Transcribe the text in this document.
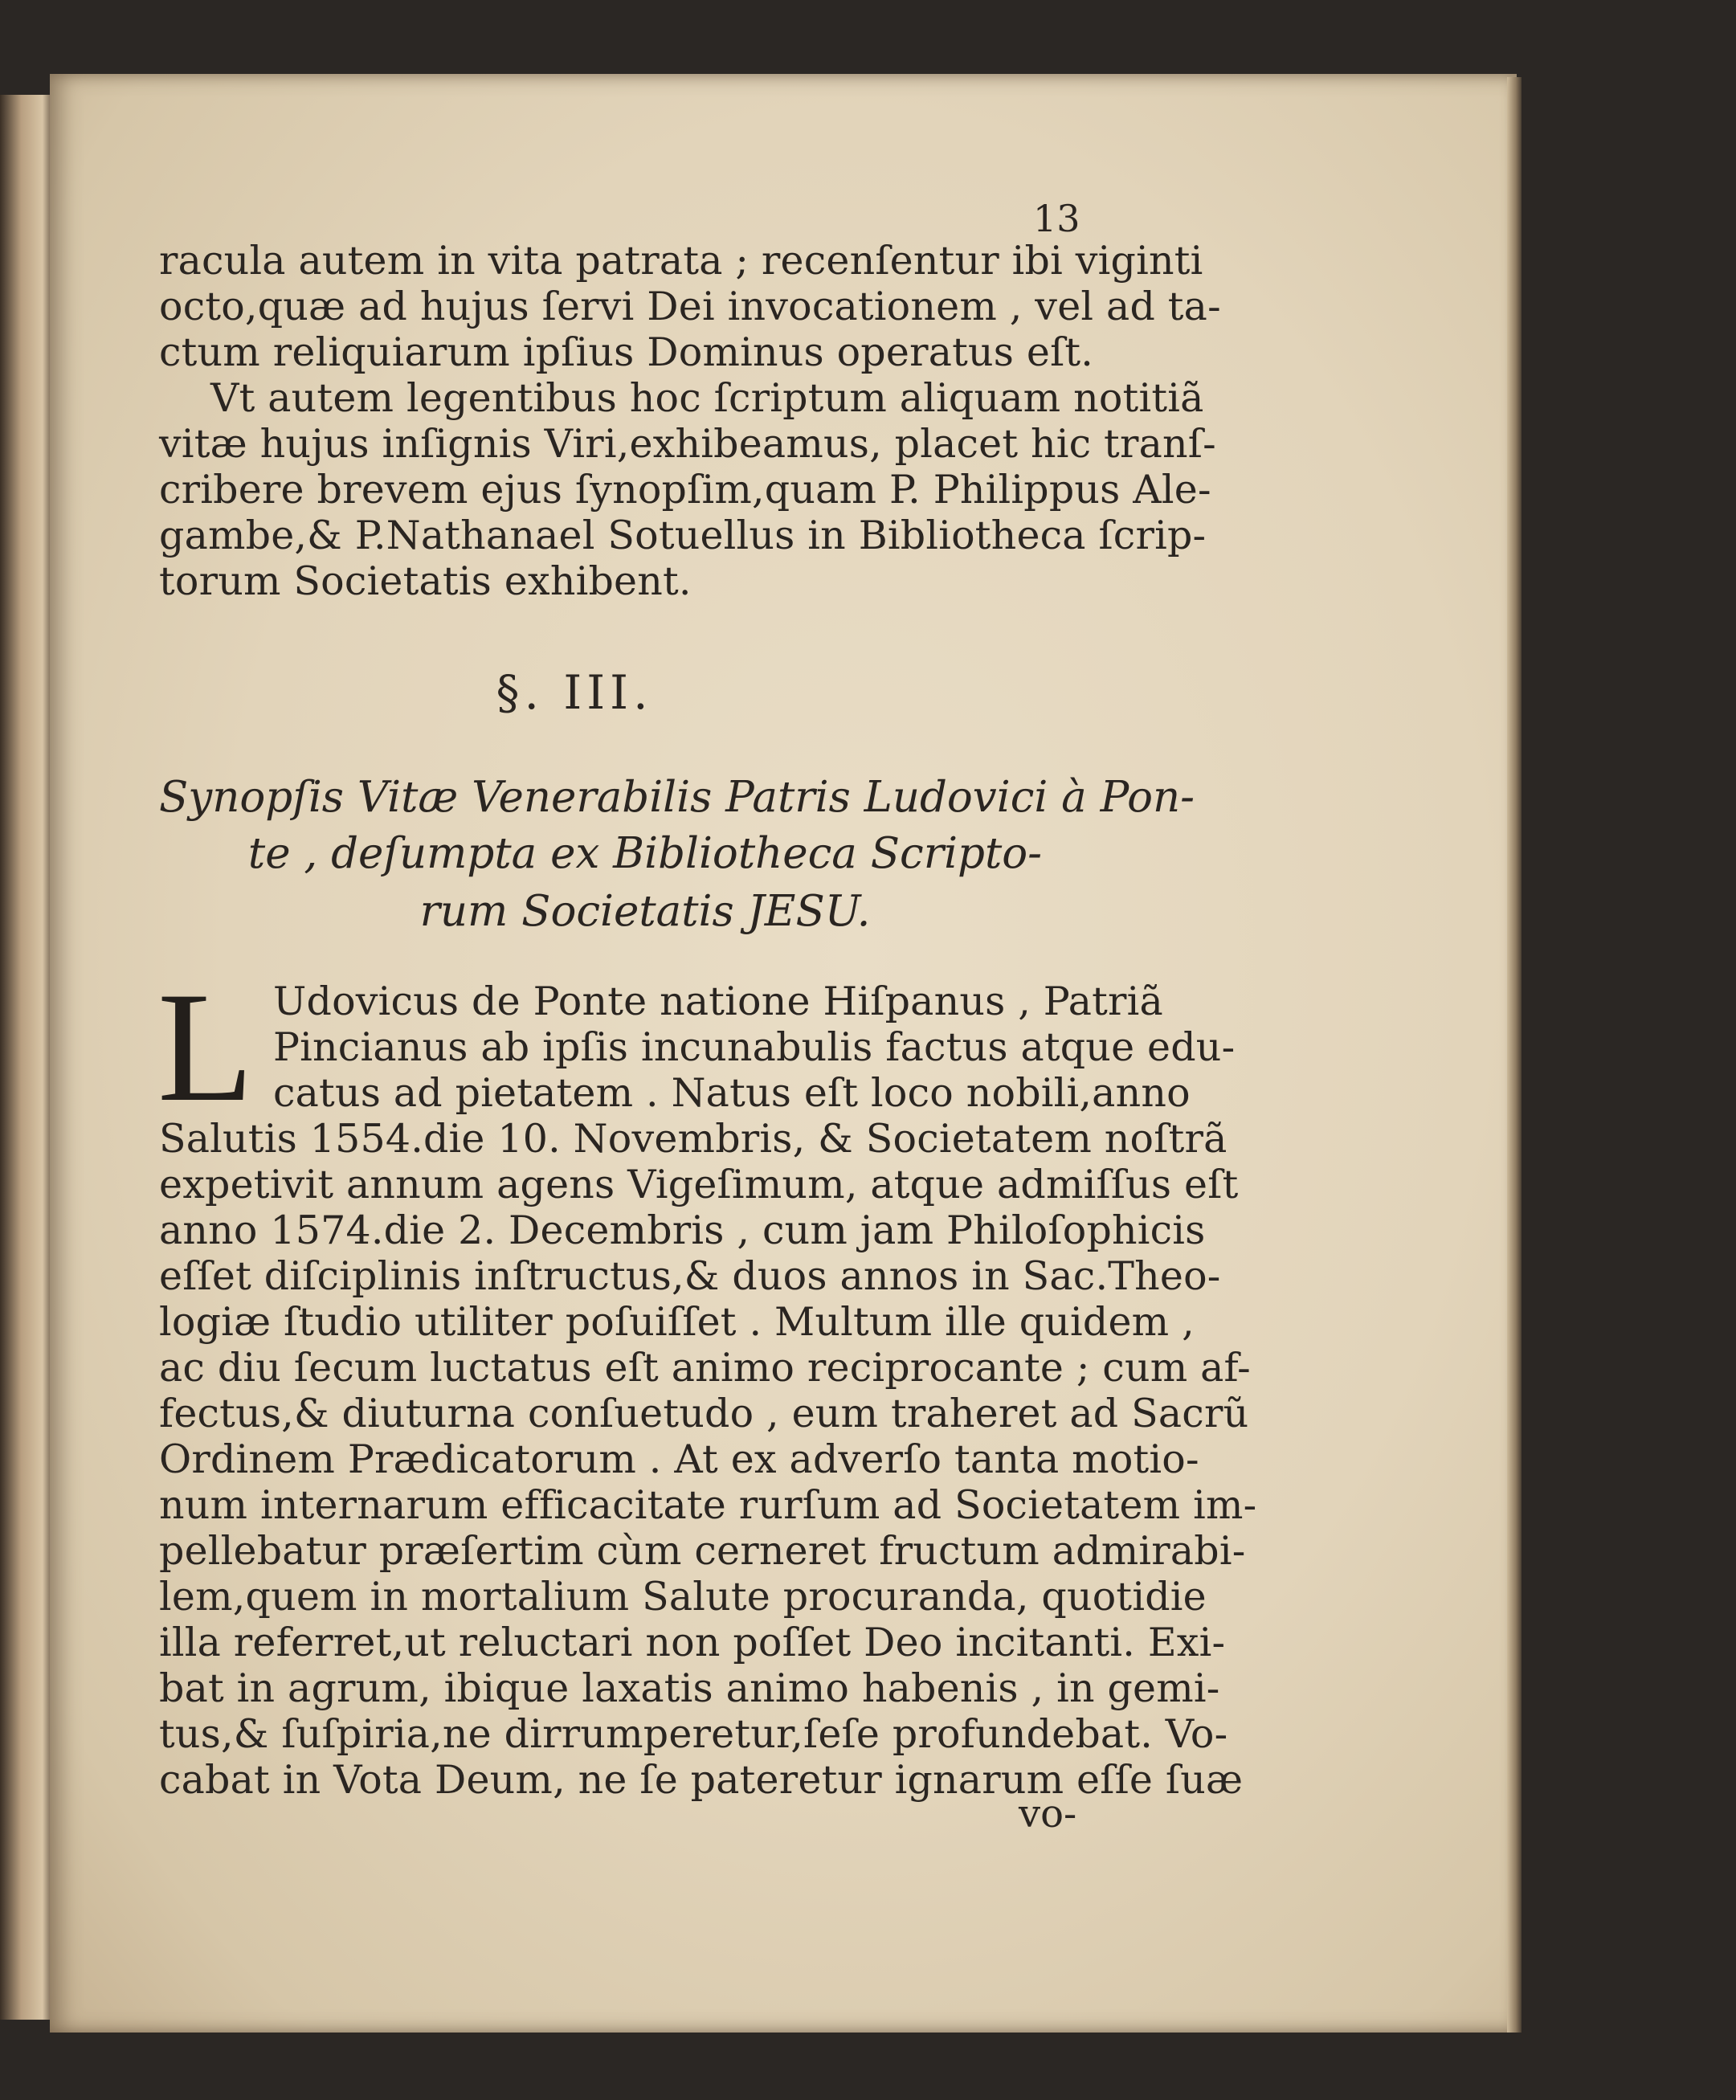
13
racula autem in vita patrata ; recenſentur ibi viginti
octo,quæ ad hujus ſervi Dei invocationem , vel ad ta-
ctum reliquiarum ipſius Dominus operatus eſt.
Vt autem legentibus hoc ſcriptum aliquam notitiã
vitæ hujus inſignis Viri,exhibeamus, placet hic tranſ-
cribere brevem ejus ſynopſim,quam P. Philippus Ale-
gambe,& P.Nathanael Sotuellus in Bibliotheca ſcrip-
torum Societatis exhibent.
§. III.
Synopſis Vitæ Venerabilis Patris Ludovici à Pon-
te , deſumpta ex Bibliotheca Scripto-
rum Societatis JESU.
L Udovicus de Ponte natione Hiſpanus , Patriã
Pincianus ab ipſis incunabulis factus atque edu-
catus ad pietatem . Natus eſt loco nobili,anno
Salutis 1554.die 10. Novembris, & Societatem noſtrã
expetivit annum agens Vigeſimum, atque admiſſus eſt
anno 1574.die 2. Decembris , cum jam Philoſophicis
eſſet diſciplinis inſtructus,& duos annos in Sac.Theo-
logiæ ſtudio utiliter poſuiſſet . Multum ille quidem ,
ac diu ſecum luctatus eſt animo reciprocante ; cum af-
fectus,& diuturna conſuetudo , eum traheret ad Sacrũ
Ordinem Prædicatorum . At ex adverſo tanta motio-
num internarum efficacitate rurſum ad Societatem im-
pellebatur præſertim cùm cerneret fructum admirabi-
lem,quem in mortalium Salute procuranda, quotidie
illa referret,ut reluctari non poſſet Deo incitanti. Exi-
bat in agrum, ibique laxatis animo habenis , in gemi-
tus,& ſuſpiria,ne dirrumperetur,ſeſe profundebat. Vo-
cabat in Vota Deum, ne ſe pateretur ignarum eſſe ſuæ
vo-
